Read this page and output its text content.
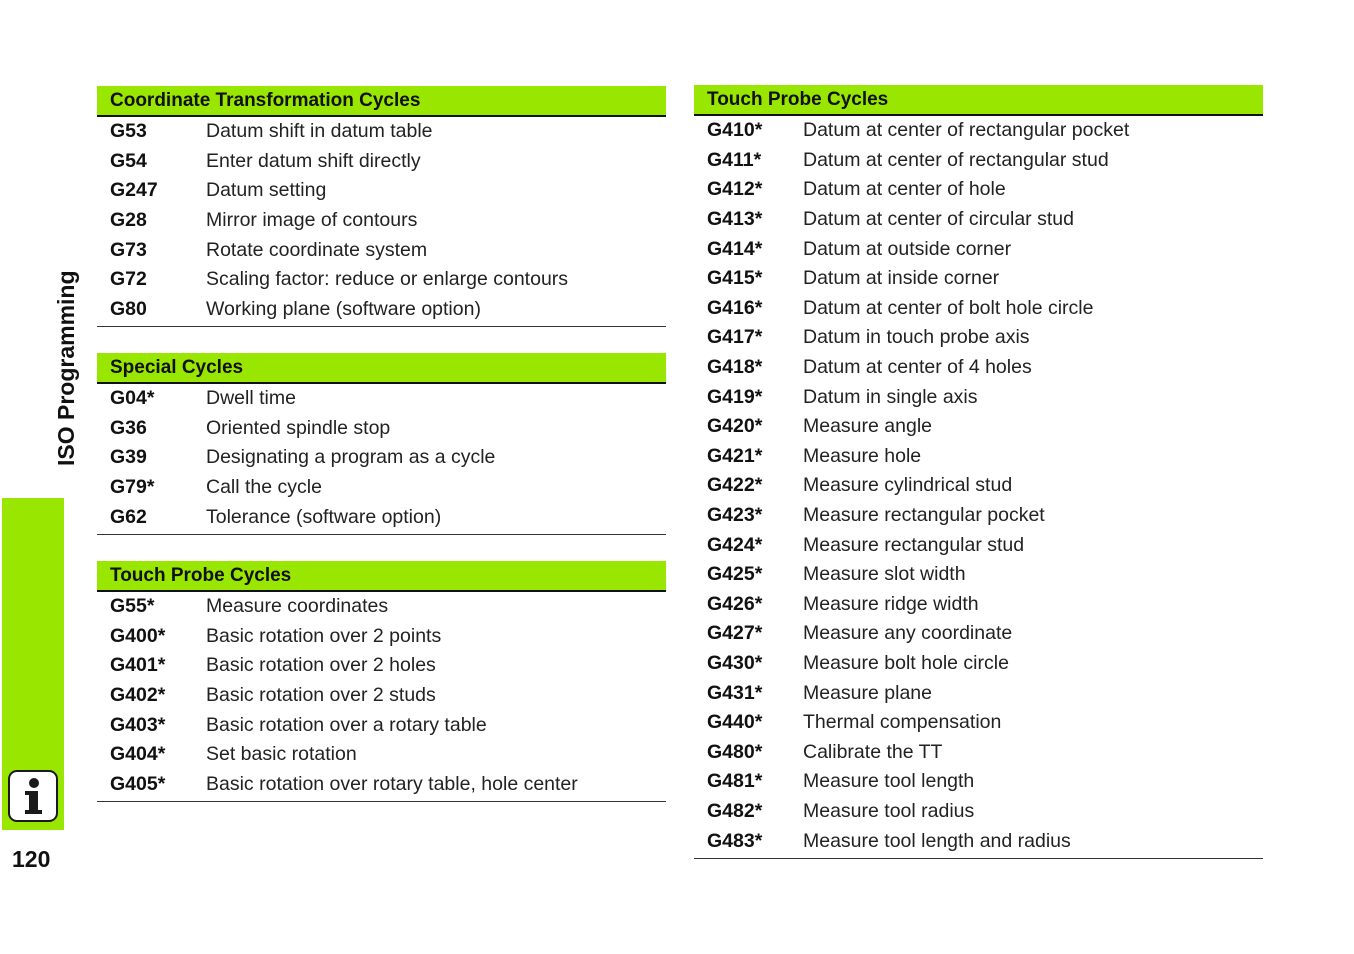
ISO Programming
120
Coordinate Transformation Cycles
G53	Datum shift in datum table
G54	Enter datum shift directly
G247	Datum setting
G28	Mirror image of contours
G73	Rotate coordinate system
G72	Scaling factor: reduce or enlarge contours
G80	Working plane (software option)
Special Cycles
G04*	Dwell time
G36	Oriented spindle stop
G39	Designating a program as a cycle
G79*	Call the cycle
G62	Tolerance (software option)
Touch Probe Cycles
G55*	Measure coordinates
G400*	Basic rotation over 2 points
G401*	Basic rotation over 2 holes
G402*	Basic rotation over 2 studs
G403*	Basic rotation over a rotary table
G404*	Set basic rotation
G405*	Basic rotation over rotary table, hole center
Touch Probe Cycles
G410*	Datum at center of rectangular pocket
G411*	Datum at center of rectangular stud
G412*	Datum at center of hole
G413*	Datum at center of circular stud
G414*	Datum at outside corner
G415*	Datum at inside corner
G416*	Datum at center of bolt hole circle
G417*	Datum in touch probe axis
G418*	Datum at center of 4 holes
G419*	Datum in single axis
G420*	Measure angle
G421*	Measure hole
G422*	Measure cylindrical stud
G423*	Measure rectangular pocket
G424*	Measure rectangular stud
G425*	Measure slot width
G426*	Measure ridge width
G427*	Measure any coordinate
G430*	Measure bolt hole circle
G431*	Measure plane
G440*	Thermal compensation
G480*	Calibrate the TT
G481*	Measure tool length
G482*	Measure tool radius
G483*	Measure tool length and radius
